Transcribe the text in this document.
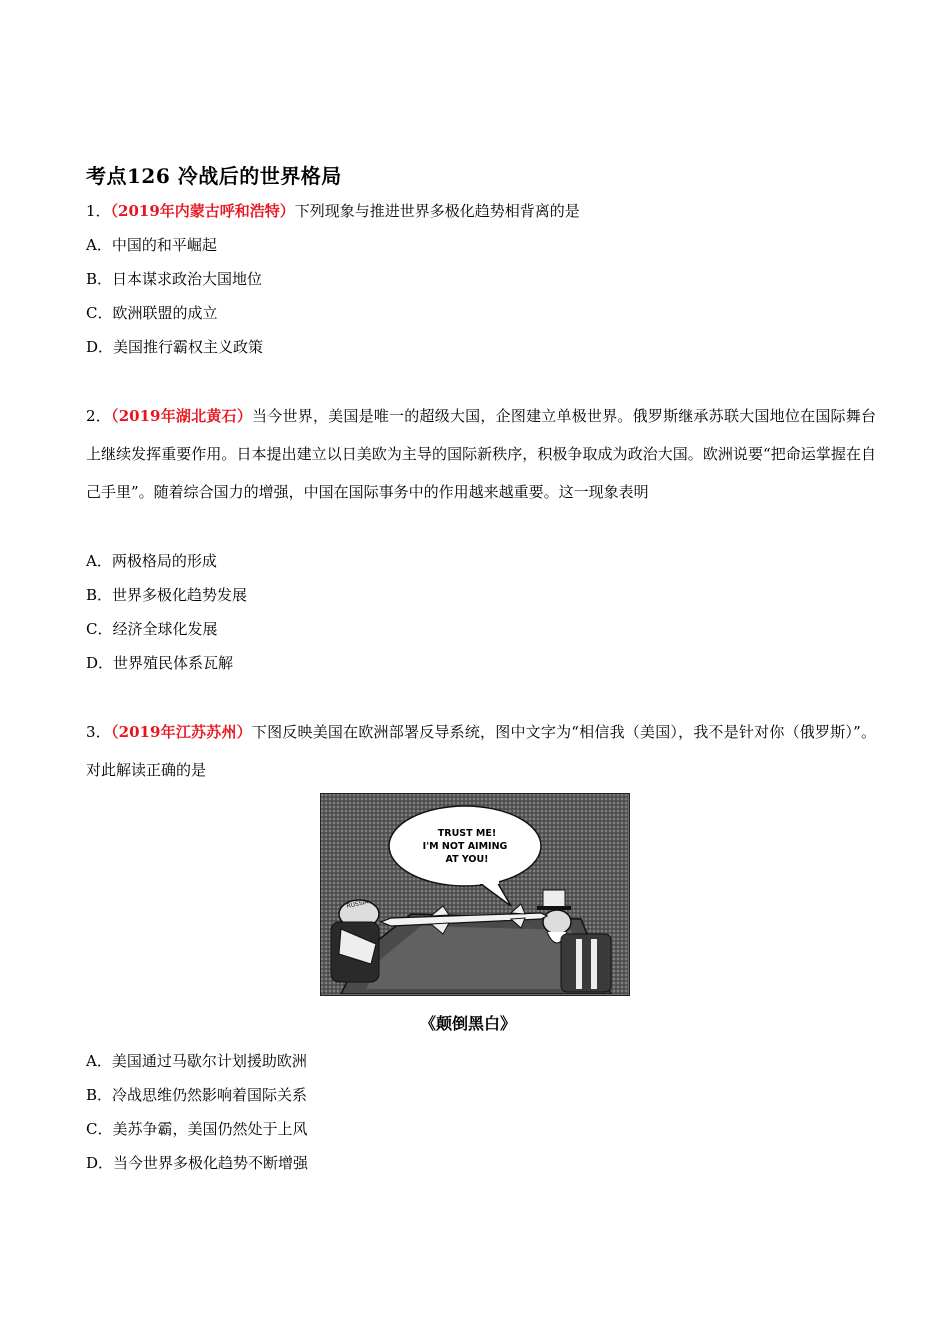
考点126 冷战后的世界格局
1．（2019年内蒙古呼和浩特）下列现象与推进世界多极化趋势相背离的是
A．中国的和平崛起
B．日本谋求政治大国地位
C．欧洲联盟的成立
D．美国推行霸权主义政策
2．（2019年湖北黄石）当今世界，美国是唯一的超级大国，企图建立单极世界。俄罗斯继承苏联大国地位在国际舞台上继续发挥重要作用。日本提出建立以日美欧为主导的国际新秩序，积极争取成为政治大国。欧洲说要“把命运掌握在自己手里”。随着综合国力的增强，中国在国际事务中的作用越来越重要。这一现象表明
A．两极格局的形成
B．世界多极化趋势发展
C．经济全球化发展
D．世界殖民体系瓦解
3．（2019年江苏苏州）下图反映美国在欧洲部署反导系统，图中文字为“相信我（美国），我不是针对你（俄罗斯）”。对此解读正确的是
RUSSIA
TRUST ME!
I'M NOT AIMING
AT YOU!
《颠倒黑白》
A．美国通过马歇尔计划援助欧洲
B．冷战思维仍然影响着国际关系
C．美苏争霸，美国仍然处于上风
D．当今世界多极化趋势不断增强
